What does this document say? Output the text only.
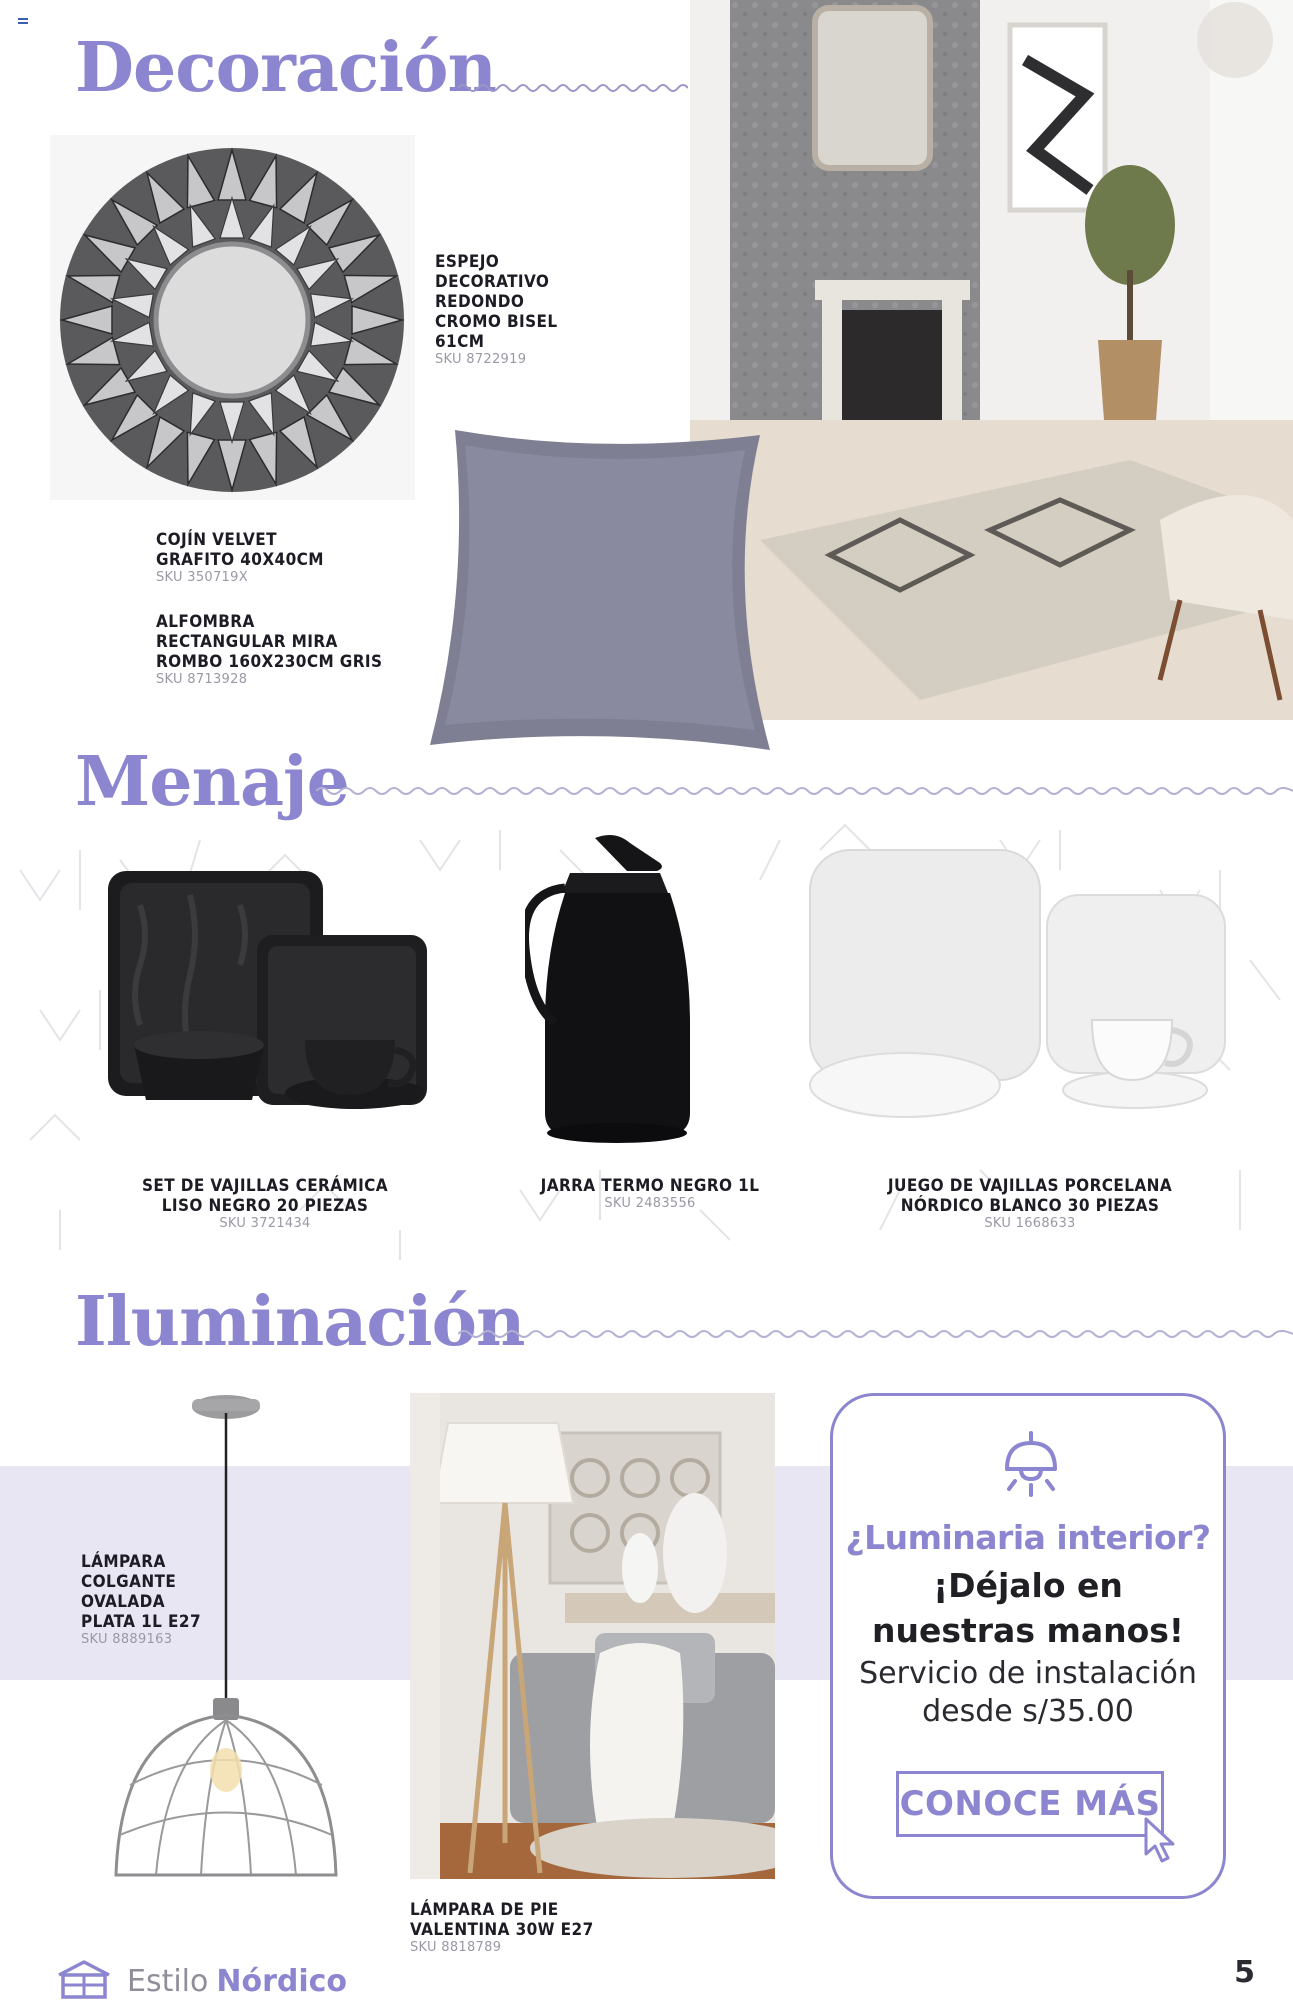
Decoración
ESPEJO
DECORATIVO
REDONDO
CROMO BISEL
61CM
SKU 8722919
COJÍN VELVET
GRAFITO 40X40CM
SKU 350719X
ALFOMBRA
RECTANGULAR MIRA
ROMBO 160X230CM GRIS
SKU 8713928
Menaje
SET DE VAJILLAS CERÁMICA
LISO NEGRO 20 PIEZAS
SKU 3721434
JARRA TERMO NEGRO 1L
SKU 2483556
JUEGO DE VAJILLAS PORCELANA
NÓRDICO BLANCO 30 PIEZAS
SKU 1668633
Iluminación
LÁMPARA
COLGANTE
OVALADA
PLATA 1L E27
SKU 8889163
LÁMPARA DE PIE
VALENTINA 30W E27
SKU 8818789
¿Luminaria interior?
¡Déjalo en
nuestras manos!
Servicio de instalación
desde s/35.00
CONOCE MÁS
Estilo Nórdico	5
